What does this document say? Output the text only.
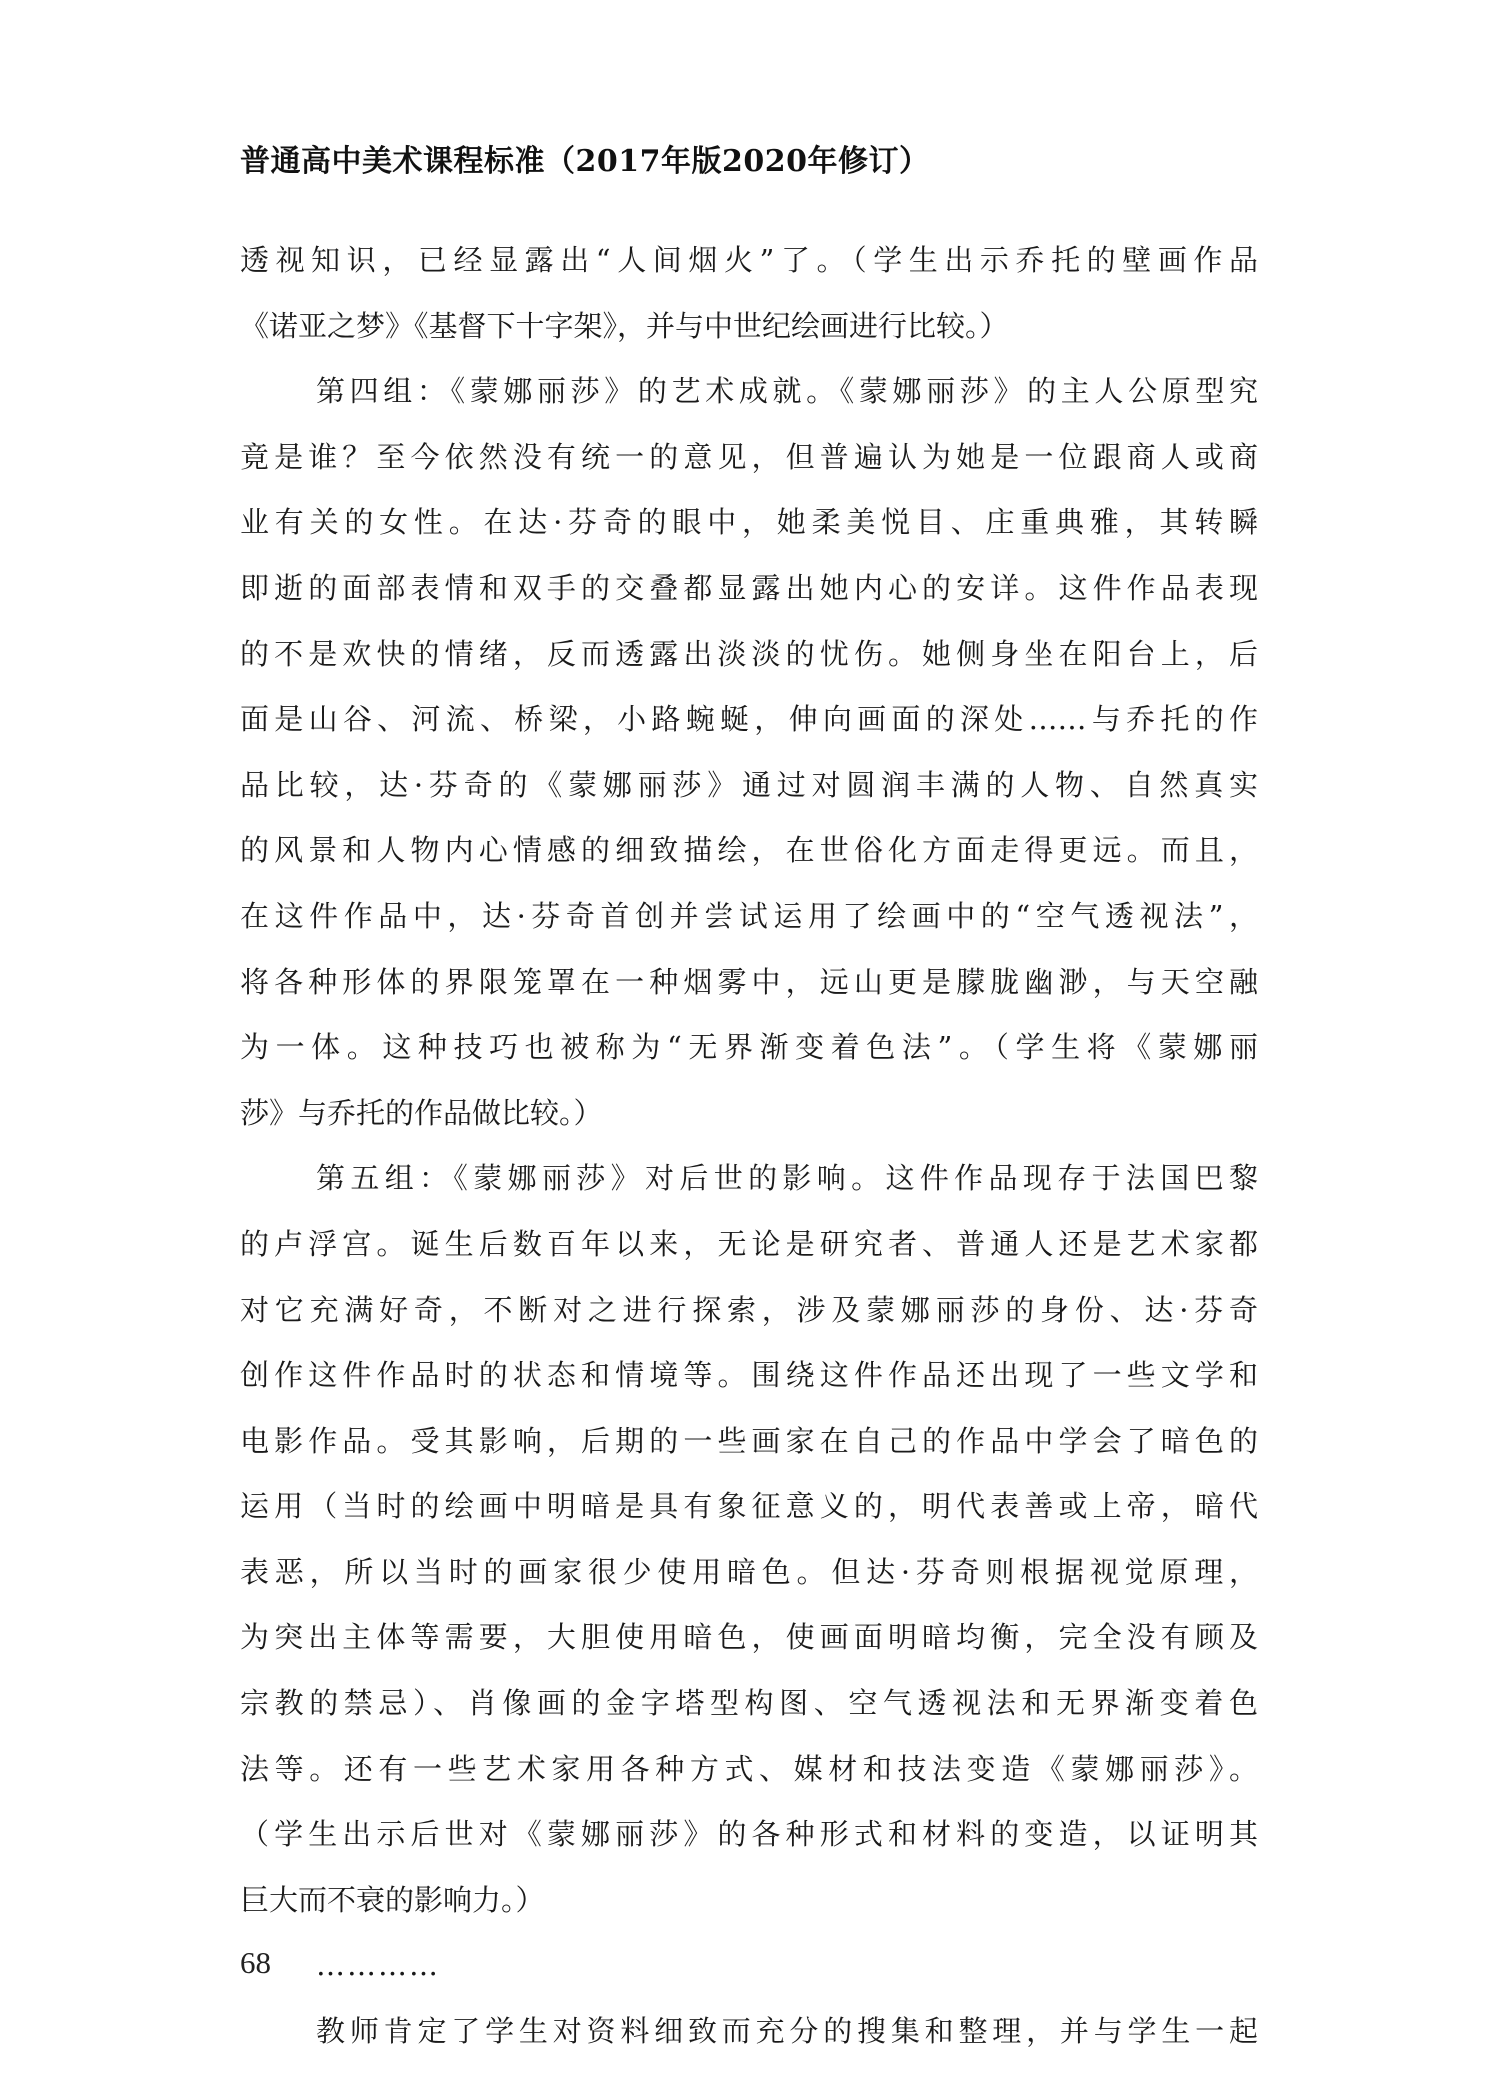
普通高中美术课程标准（2017年版2020年修订）
透视知识，已经显露出“人间烟火”了。（学生出示乔托的壁画作品
《诺亚之梦》《基督下十字架》，并与中世纪绘画进行比较。）
第四组：《蒙娜丽莎》的艺术成就。《蒙娜丽莎》的主人公原型究
竟是谁？至今依然没有统一的意见，但普遍认为她是一位跟商人或商
业有关的女性。在达·芬奇的眼中，她柔美悦目、庄重典雅，其转瞬
即逝的面部表情和双手的交叠都显露出她内心的安详。这件作品表现
的不是欢快的情绪，反而透露出淡淡的忧伤。她侧身坐在阳台上，后
面是山谷、河流、桥梁，小路蜿蜒，伸向画面的深处……与乔托的作
品比较，达·芬奇的《蒙娜丽莎》通过对圆润丰满的人物、自然真实
的风景和人物内心情感的细致描绘，在世俗化方面走得更远。而且，
在这件作品中，达·芬奇首创并尝试运用了绘画中的“空气透视法”，
将各种形体的界限笼罩在一种烟雾中，远山更是朦胧幽渺，与天空融
为一体。这种技巧也被称为“无界渐变着色法”。（学生将《蒙娜丽
莎》与乔托的作品做比较。）
第五组：《蒙娜丽莎》对后世的影响。这件作品现存于法国巴黎
的卢浮宫。诞生后数百年以来，无论是研究者、普通人还是艺术家都
对它充满好奇，不断对之进行探索，涉及蒙娜丽莎的身份、达·芬奇
创作这件作品时的状态和情境等。围绕这件作品还出现了一些文学和
电影作品。受其影响，后期的一些画家在自己的作品中学会了暗色的
运用（当时的绘画中明暗是具有象征意义的，明代表善或上帝，暗代
表恶，所以当时的画家很少使用暗色。但达·芬奇则根据视觉原理，
为突出主体等需要，大胆使用暗色，使画面明暗均衡，完全没有顾及
宗教的禁忌）、肖像画的金字塔型构图、空气透视法和无界渐变着色
法等。还有一些艺术家用各种方式、媒材和技法变造《蒙娜丽莎》。
（学生出示后世对《蒙娜丽莎》的各种形式和材料的变造，以证明其
巨大而不衰的影响力。）
…………
教师肯定了学生对资料细致而充分的搜集和整理，并与学生一起
68
